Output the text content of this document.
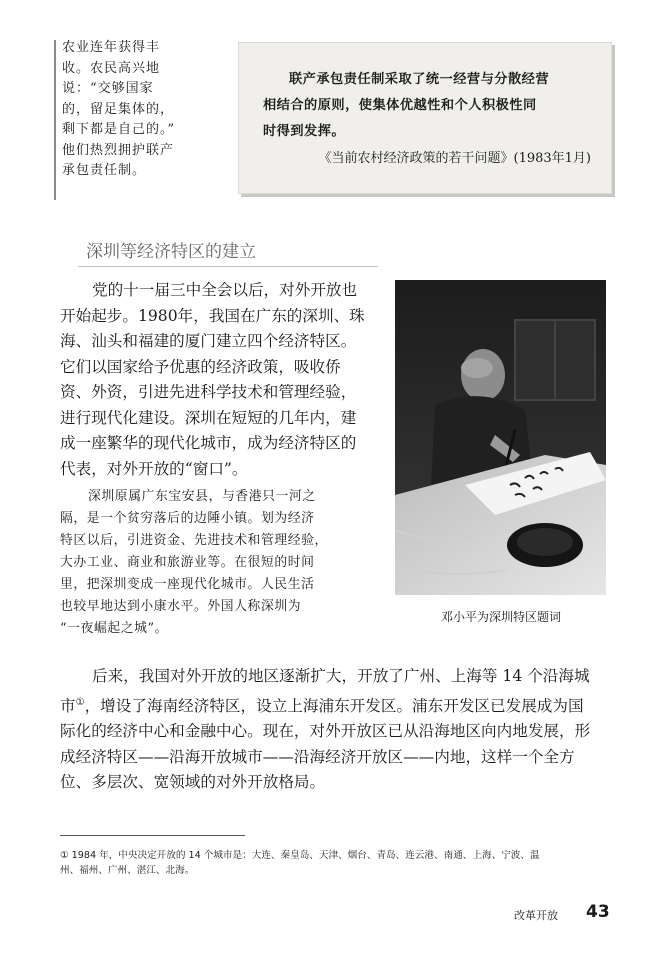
农业连年获得丰
收。农民高兴地
说：“交够国家
的，留足集体的，
剩下都是自己的。”
他们热烈拥护联产
承包责任制。
联产承包责任制采取了统一经营与分散经营
相结合的原则，使集体优越性和个人积极性同
时得到发挥。
《当前农村经济政策的若干问题》(1983年1月)
深圳等经济特区的建立
党的十一届三中全会以后，对外开放也
开始起步。1980年，我国在广东的深圳、珠
海、汕头和福建的厦门建立四个经济特区。
它们以国家给予优惠的经济政策，吸收侨
资、外资，引进先进科学技术和管理经验，
进行现代化建设。深圳在短短的几年内，建
成一座繁华的现代化城市，成为经济特区的
代表，对外开放的“窗口”。
邓小平为深圳特区题词
深圳原属广东宝安县，与香港只一河之
隔，是一个贫穷落后的边陲小镇。划为经济
特区以后，引进资金、先进技术和管理经验，
大办工业、商业和旅游业等。在很短的时间
里，把深圳变成一座现代化城市。人民生活
也较早地达到小康水平。外国人称深圳为
“一夜崛起之城”。
后来，我国对外开放的地区逐渐扩大，开放了广州、上海等 14 个沿海城
市①，增设了海南经济特区，设立上海浦东开发区。浦东开发区已发展成为国
际化的经济中心和金融中心。现在，对外开放区已从沿海地区向内地发展，形
成经济特区——沿海开放城市——沿海经济开放区——内地，这样一个全方
位、多层次、宽领域的对外开放格局。
① 1984 年，中央决定开放的 14 个城市是：大连、秦皇岛、天津、烟台、青岛、连云港、南通、上海、宁波、温
州、福州、广州、湛江、北海。
改革开放 43
